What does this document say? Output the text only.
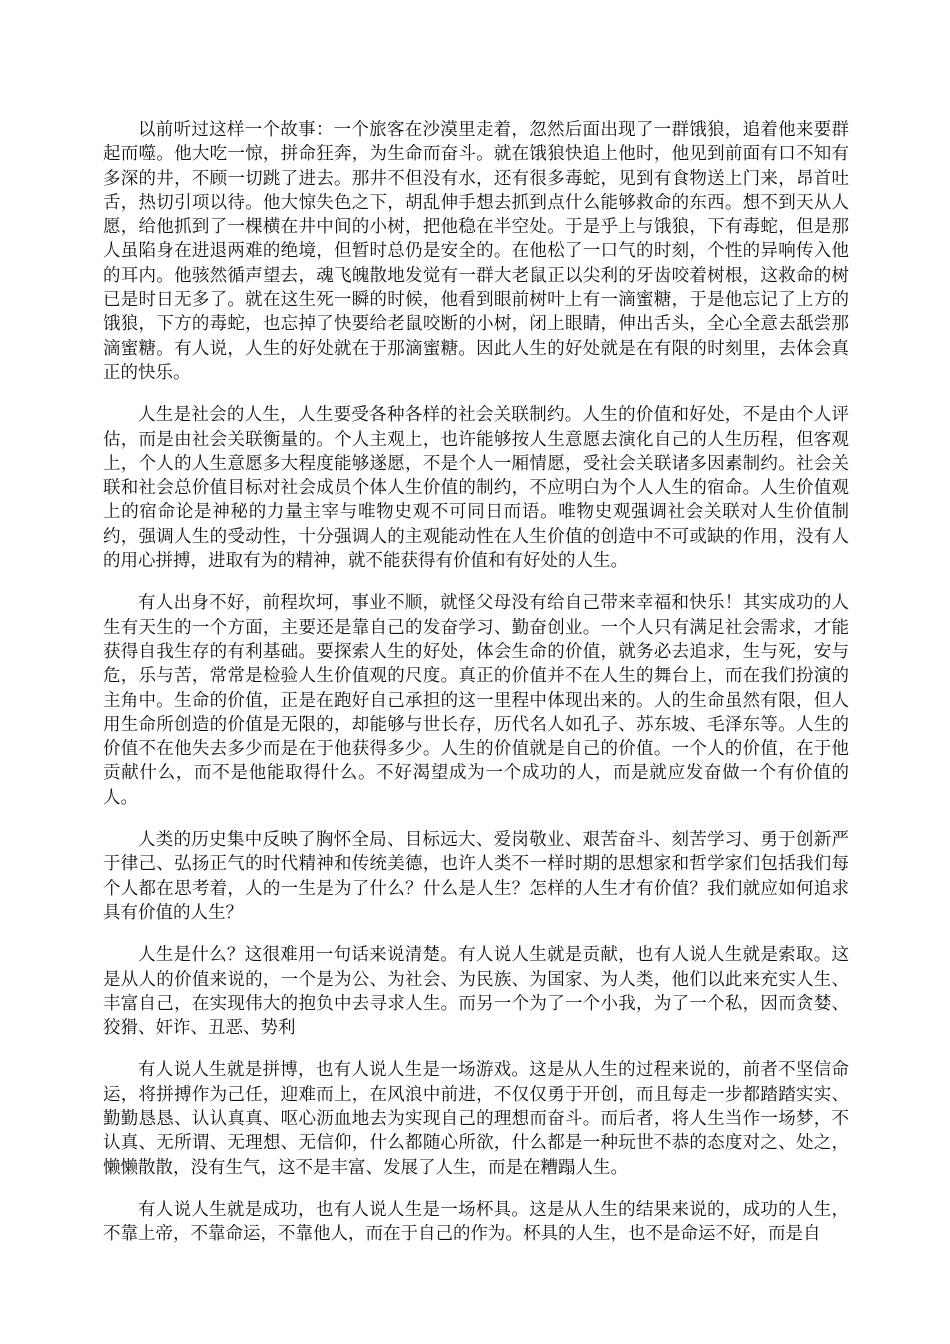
以前听过这样一个故事：一个旅客在沙漠里走着，忽然后面出现了一群饿狼，追着他来要群起而噬。他大吃一惊，拼命狂奔，为生命而奋斗。就在饿狼快追上他时，他见到前面有口不知有多深的井，不顾一切跳了进去。那井不但没有水，还有很多毒蛇，见到有食物送上门来，昂首吐舌，热切引项以待。他大惊失色之下，胡乱伸手想去抓到点什么能够救命的东西。想不到天从人愿，给他抓到了一棵横在井中间的小树，把他稳在半空处。于是乎上与饿狼，下有毒蛇，但是那人虽陷身在进退两难的绝境，但暂时总仍是安全的。在他松了一口气的时刻，个性的异响传入他的耳内。他骇然循声望去，魂飞魄散地发觉有一群大老鼠正以尖利的牙齿咬着树根，这救命的树已是时日无多了。就在这生死一瞬的时候，他看到眼前树叶上有一滴蜜糖，于是他忘记了上方的饿狼，下方的毒蛇，也忘掉了快要给老鼠咬断的小树，闭上眼睛，伸出舌头，全心全意去舐尝那滴蜜糖。有人说，人生的好处就在于那滴蜜糖。因此人生的好处就是在有限的时刻里，去体会真正的快乐。

人生是社会的人生，人生要受各种各样的社会关联制约。人生的价值和好处，不是由个人评估，而是由社会关联衡量的。个人主观上，也许能够按人生意愿去演化自己的人生历程，但客观上，个人的人生意愿多大程度能够遂愿，不是个人一厢情愿，受社会关联诸多因素制约。社会关联和社会总价值目标对社会成员个体人生价值的制约，不应明白为个人人生的宿命。人生价值观上的宿命论是神秘的力量主宰与唯物史观不可同日而语。唯物史观强调社会关联对人生价值制约，强调人生的受动性，十分强调人的主观能动性在人生价值的创造中不可或缺的作用，没有人的用心拼搏，进取有为的精神，就不能获得有价值和有好处的人生。

有人出身不好，前程坎坷，事业不顺，就怪父母没有给自己带来幸福和快乐！其实成功的人生有天生的一个方面，主要还是靠自己的发奋学习、勤奋创业。一个人只有满足社会需求，才能获得自我生存的有利基础。要探索人生的好处，体会生命的价值，就务必去追求，生与死，安与危，乐与苦，常常是检验人生价值观的尺度。真正的价值并不在人生的舞台上，而在我们扮演的主角中。生命的价值，正是在跑好自己承担的这一里程中体现出来的。人的生命虽然有限，但人用生命所创造的价值是无限的，却能够与世长存，历代名人如孔子、苏东坡、毛泽东等。人生的价值不在他失去多少而是在于他获得多少。人生的价值就是自己的价值。一个人的价值，在于他贡献什么，而不是他能取得什么。不好渴望成为一个成功的人，而是就应发奋做一个有价值的人。

人类的历史集中反映了胸怀全局、目标远大、爱岗敬业、艰苦奋斗、刻苦学习、勇于创新严于律己、弘扬正气的时代精神和传统美德，也许人类不一样时期的思想家和哲学家们包括我们每个人都在思考着，人的一生是为了什么？什么是人生？怎样的人生才有价值？我们就应如何追求具有价值的人生？

人生是什么？这很难用一句话来说清楚。有人说人生就是贡献，也有人说人生就是索取。这是从人的价值来说的，一个是为公、为社会、为民族、为国家、为人类，他们以此来充实人生、丰富自己，在实现伟大的抱负中去寻求人生。而另一个为了一个小我，为了一个私，因而贪婪、狡猾、奸诈、丑恶、势利

有人说人生就是拼博，也有人说人生是一场游戏。这是从人生的过程来说的，前者不坚信命运，将拼搏作为己任，迎难而上，在风浪中前进，不仅仅勇于开创，而且每走一步都踏踏实实、勤勤恳恳、认认真真、呕心沥血地去为实现自己的理想而奋斗。而后者，将人生当作一场梦，不认真、无所谓、无理想、无信仰，什么都随心所欲，什么都是一种玩世不恭的态度对之、处之，懒懒散散，没有生气，这不是丰富、发展了人生，而是在糟蹋人生。

有人说人生就是成功，也有人说人生是一场杯具。这是从人生的结果来说的，成功的人生，不靠上帝，不靠命运，不靠他人，而在于自己的作为。杯具的人生，也不是命运不好，而是自
